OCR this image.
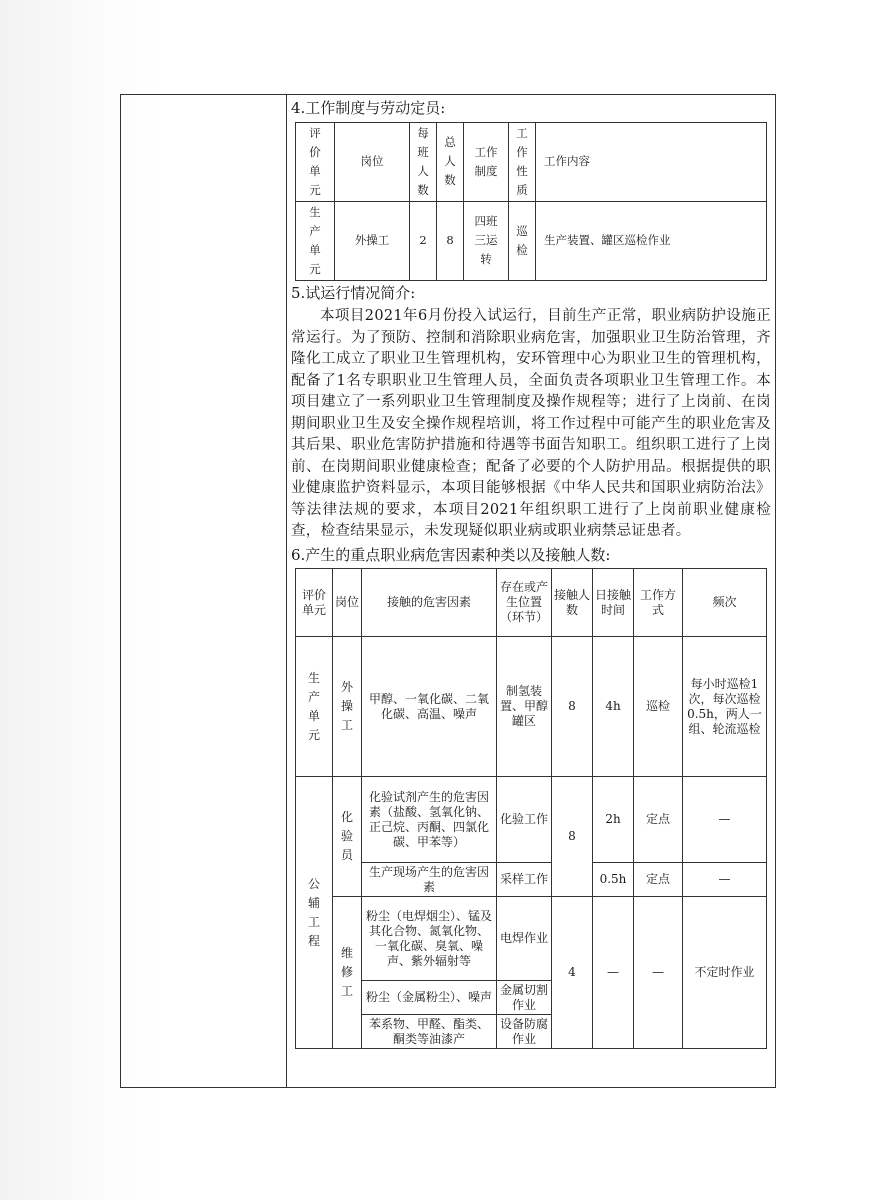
4.工作制度与劳动定员:
评价单元	岗位	每班人数	总人数	工作制度	工作性质	工作内容

生产单元	外操工	2	8	四班三运转	巡检	生产装置、罐区巡检作业
5.试运行情况简介:
本项目2021年6月份投入试运行，目前生产正常，职业病防护设施正常运行。为了预防、控制和消除职业病危害，加强职业卫生防治管理，齐隆化工成立了职业卫生管理机构，安环管理中心为职业卫生的管理机构，配备了1名专职职业卫生管理人员，全面负责各项职业卫生管理工作。本项目建立了一系列职业卫生管理制度及操作规程等；进行了上岗前、在岗期间职业卫生及安全操作规程培训，将工作过程中可能产生的职业危害及其后果、职业危害防护措施和待遇等书面告知职工。组织职工进行了上岗前、在岗期间职业健康检查；配备了必要的个人防护用品。根据提供的职业健康监护资料显示，本项目能够根据《中华人民共和国职业病防治法》等法律法规的要求，本项目2021年组织职工进行了上岗前职业健康检查，检查结果显示，未发现疑似职业病或职业病禁忌证患者。
6.产生的重点职业病危害因素种类以及接触人数:
评价单元	岗位	接触的危害因素	存在或产生位置（环节）	接触人数	日接触时间	工作方式	频次

生产单元	外操工	甲醇、一氧化碳、二氧化碳、高温、噪声	制氢装置、甲醇罐区	8	4h	巡检	每小时巡检1次，每次巡检0.5h，两人一组、轮流巡检

公辅工程	化验员	化验试剂产生的危害因素（盐酸、氢氧化钠、正己烷、丙酮、四氯化碳、甲苯等）	化验工作	8	2h	定点	—
		生产现场产生的危害因素	采样工作		0.5h	定点	—

	维修工	粉尘（电焊烟尘）、锰及其化合物、氮氧化物、一氧化碳、臭氧、噪声、紫外辐射等	电焊作业	4	—	—	不定时作业
		粉尘（金属粉尘）、噪声	金属切割作业				
		苯系物、甲醛、酯类、酮类等油漆产	设备防腐作业				
